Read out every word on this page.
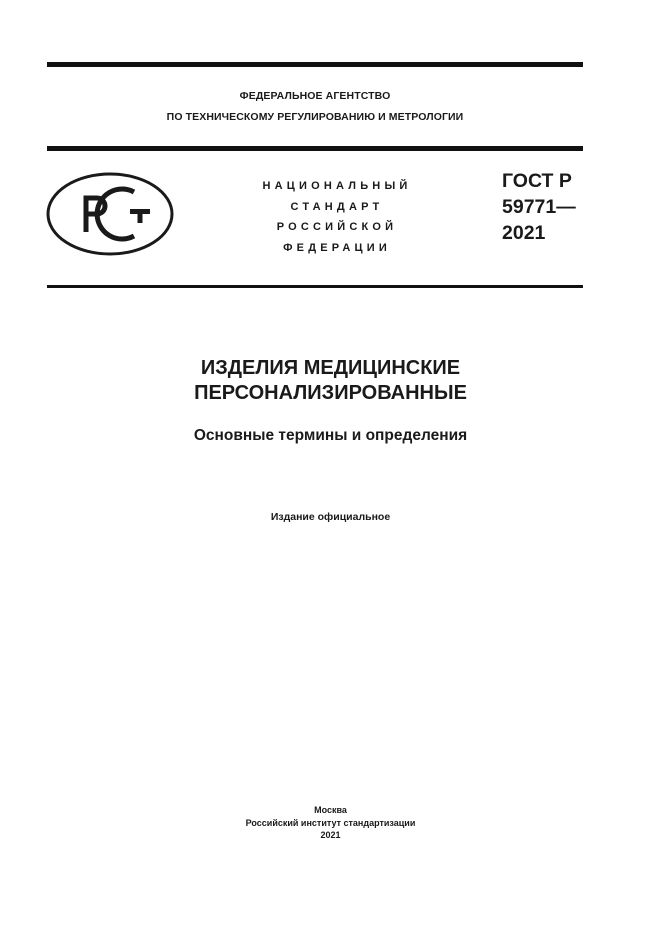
ФЕДЕРАЛЬНОЕ АГЕНТСТВО
ПО ТЕХНИЧЕСКОМУ РЕГУЛИРОВАНИЮ И МЕТРОЛОГИИ
НАЦИОНАЛЬНЫЙ
СТАНДАРТ
РОССИЙСКОЙ
ФЕДЕРАЦИИ
ГОСТ Р
59771—
2021
ИЗДЕЛИЯ МЕДИЦИНСКИЕ
ПЕРСОНАЛИЗИРОВАННЫЕ
Основные термины и определения
Издание официальное
Москва
Российский институт стандартизации
2021
